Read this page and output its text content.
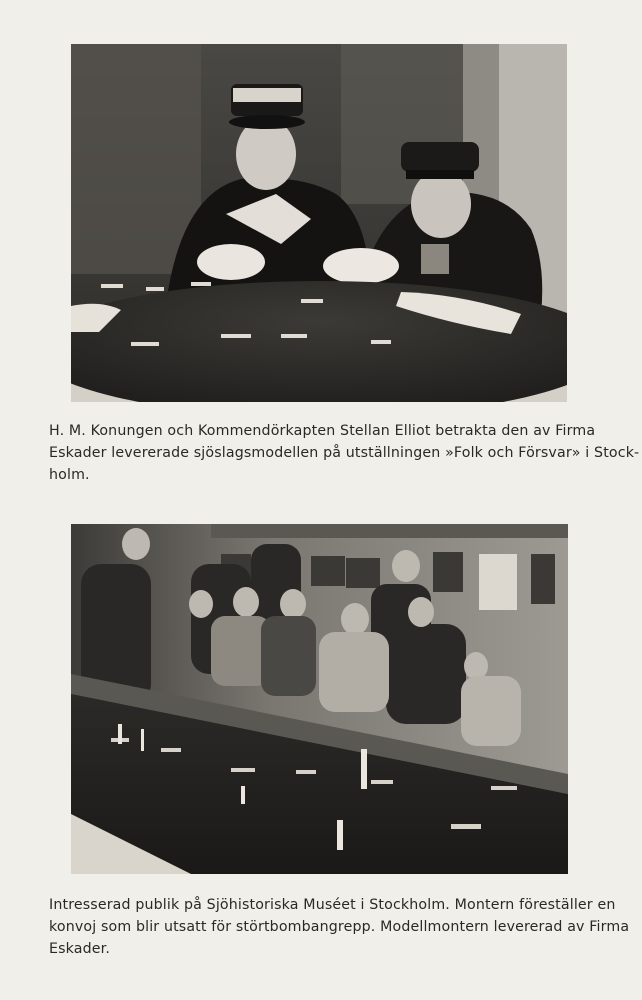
H. M. Konungen och Kommendörkapten Stellan Elliot betrakta den av Firma
Eskader levererade sjöslagsmodellen på utställningen »Folk och Försvar» i Stock-
holm.

Intresserad publik på Sjöhistoriska Muséet i Stockholm. Montern föreställer en
konvoj som blir utsatt för störtbombangrepp. Modellmontern levererad av Firma
Eskader.
